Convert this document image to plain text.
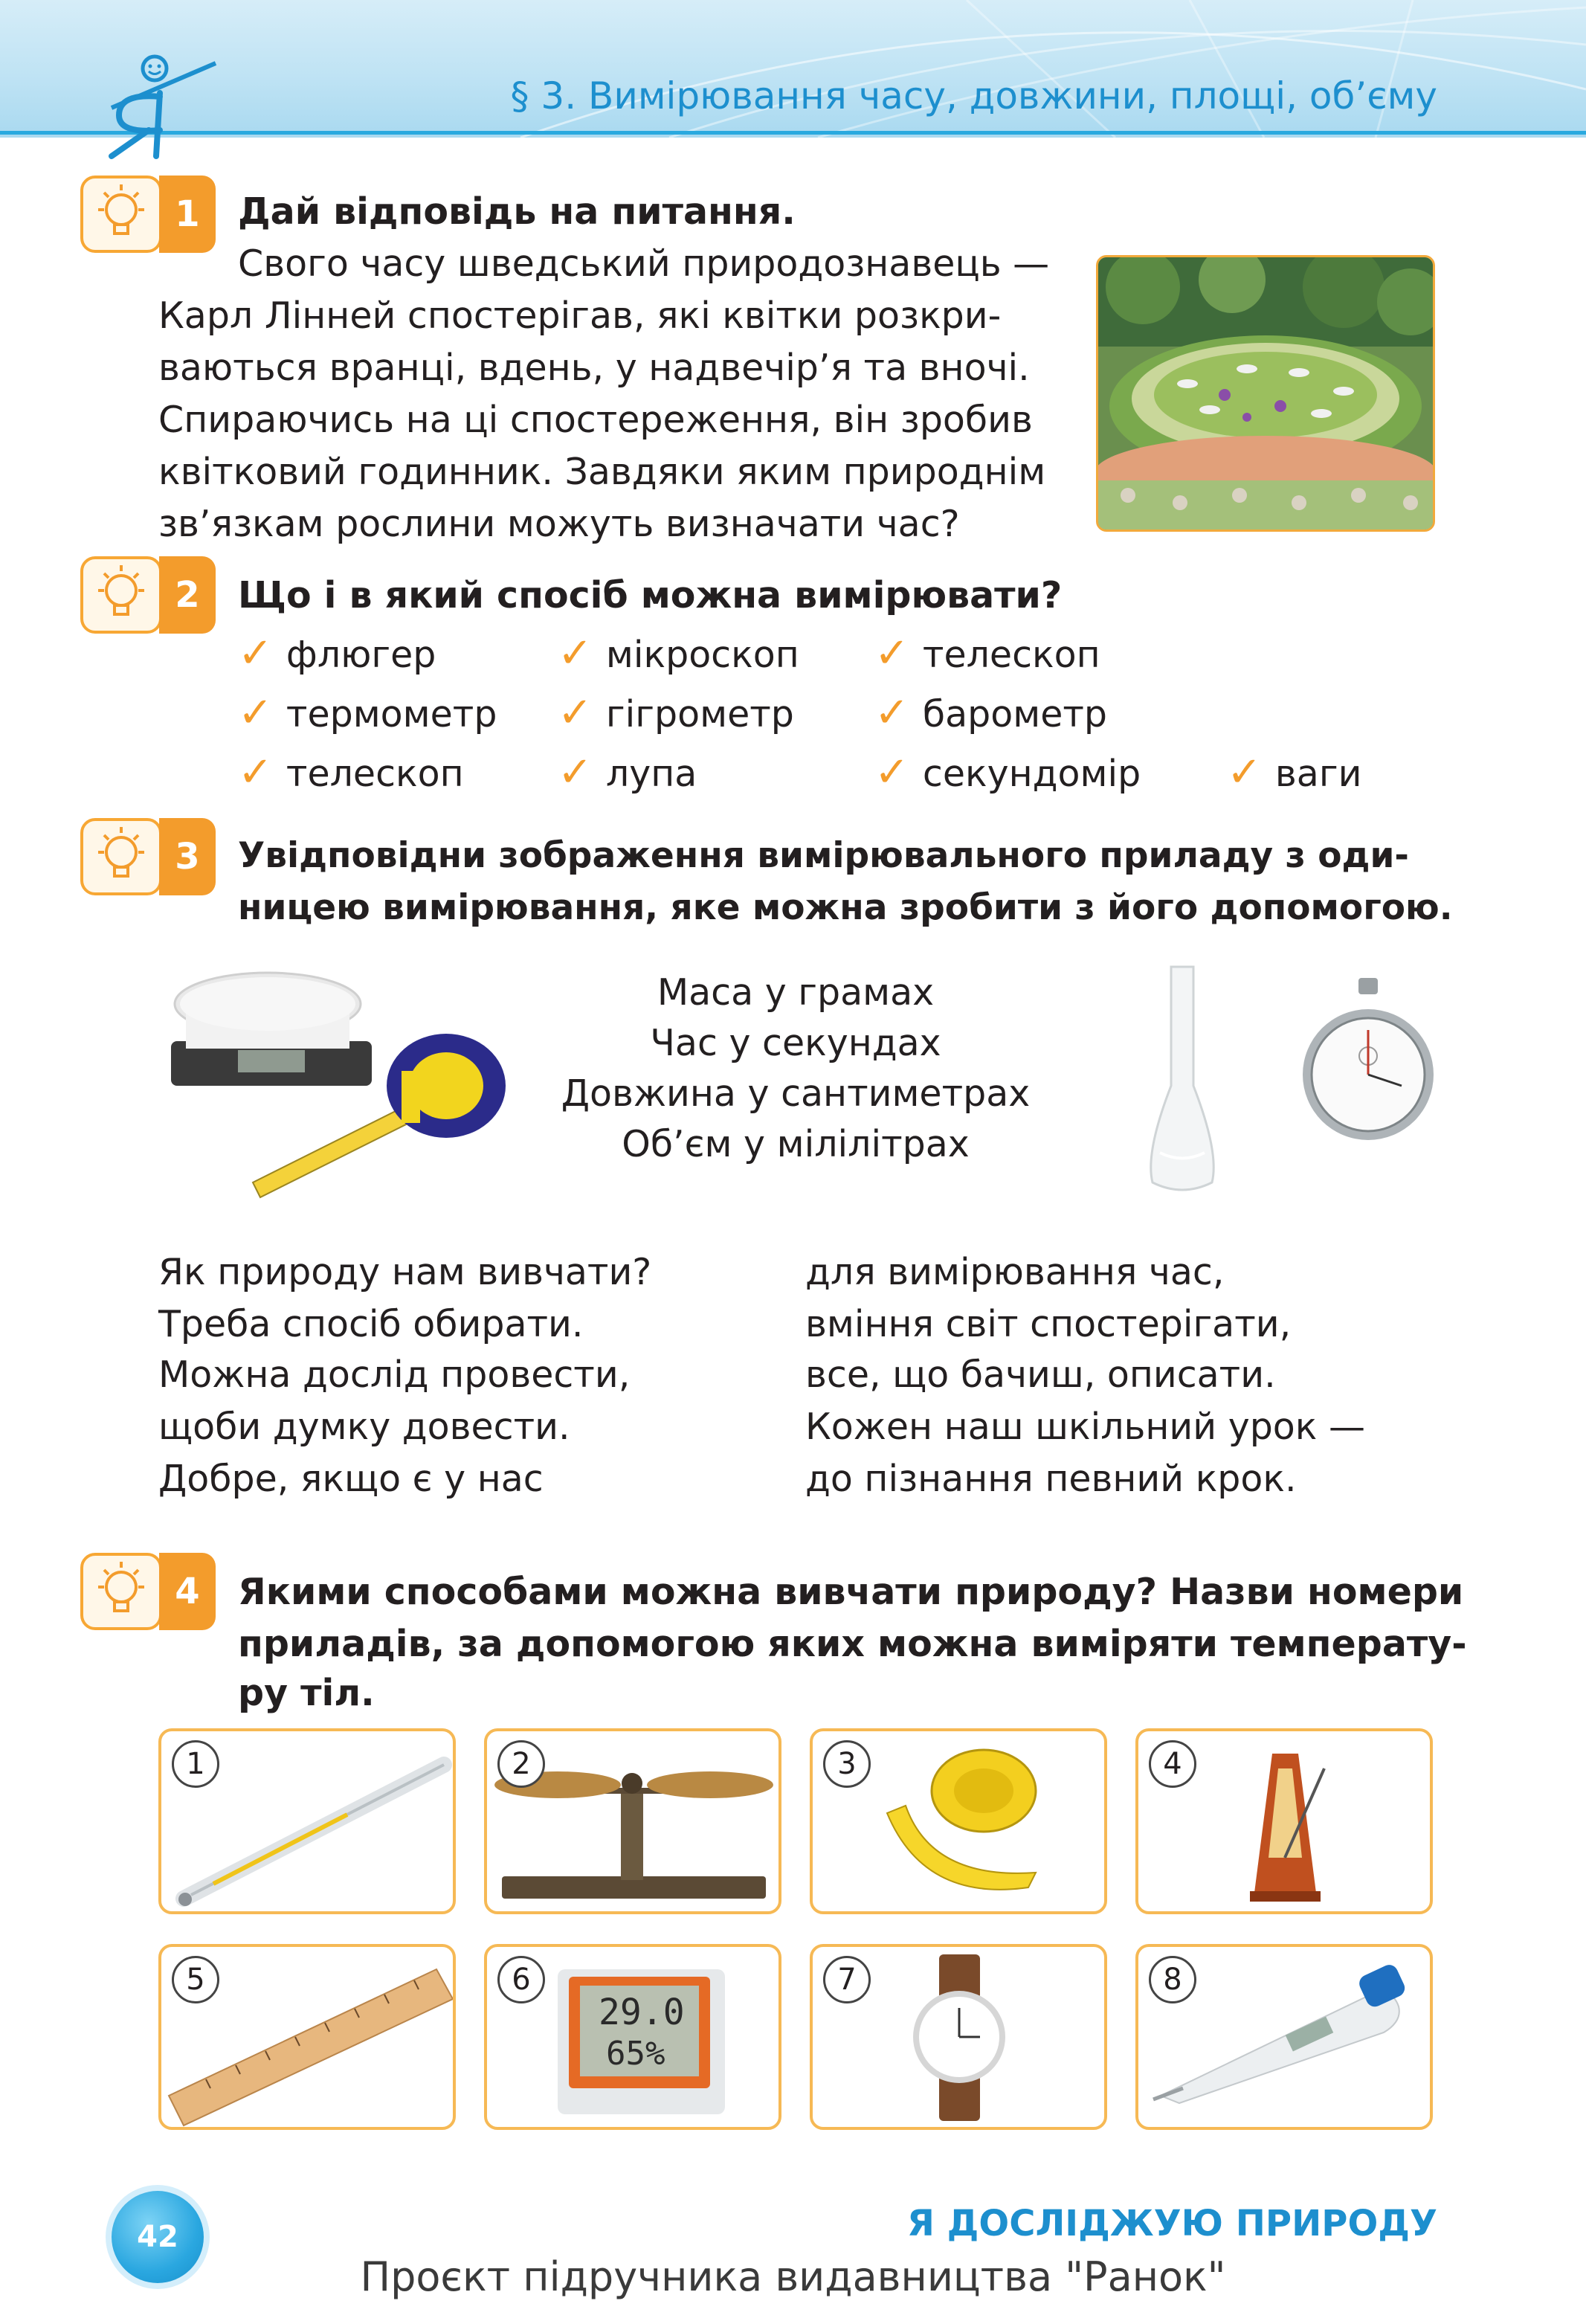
§ 3. Вимірювання часу, довжини, площі, об’єму
1	Дай відповідь на питання.
Свого часу шведський природознавець —
Карл Лінней спостерігав, які квітки розкри-
ваються вранці, вдень, у надвечір’я та вночі.
Спираючись на ці спостереження, він зробив
квітковий годинник. Завдяки яким природнім
зв’язкам рослини можуть визначати час?
2	Що і в який спосіб можна вимірювати?
✓ флюгер	✓ мікроскоп ✓ телескоп
✓ термометр ✓ гігрометр ✓ барометр
✓ телескоп ✓ лупа	✓ секундомір ✓ ваги
3	Увідповідни зображення вимірювального приладу з оди-
ницею вимірювання, яке можна зробити з його допомогою.
Маса у грамах
Час у секундах
Довжина у сантиметрах
Об’єм у мілілітрах
Як природу нам вивчати?
Треба спосіб обирати.
Можна дослід провести,
щоби думку довести.
Добре, якщо є у нас
для вимірювання час,
вміння світ спостерігати,
все, що бачиш, описати.
Кожен наш шкільний урок —
до пізнання певний крок.
4	Якими способами можна вивчати природу? Назви номери
приладів, за допомогою яких можна виміряти температу-
ру тіл.
1	2	3	4
5
29.0
65%
6	7	8
42	Я ДОСЛІДЖУЮ ПРИРОДУ
Проєкт підручника видавництва "Ранок"
